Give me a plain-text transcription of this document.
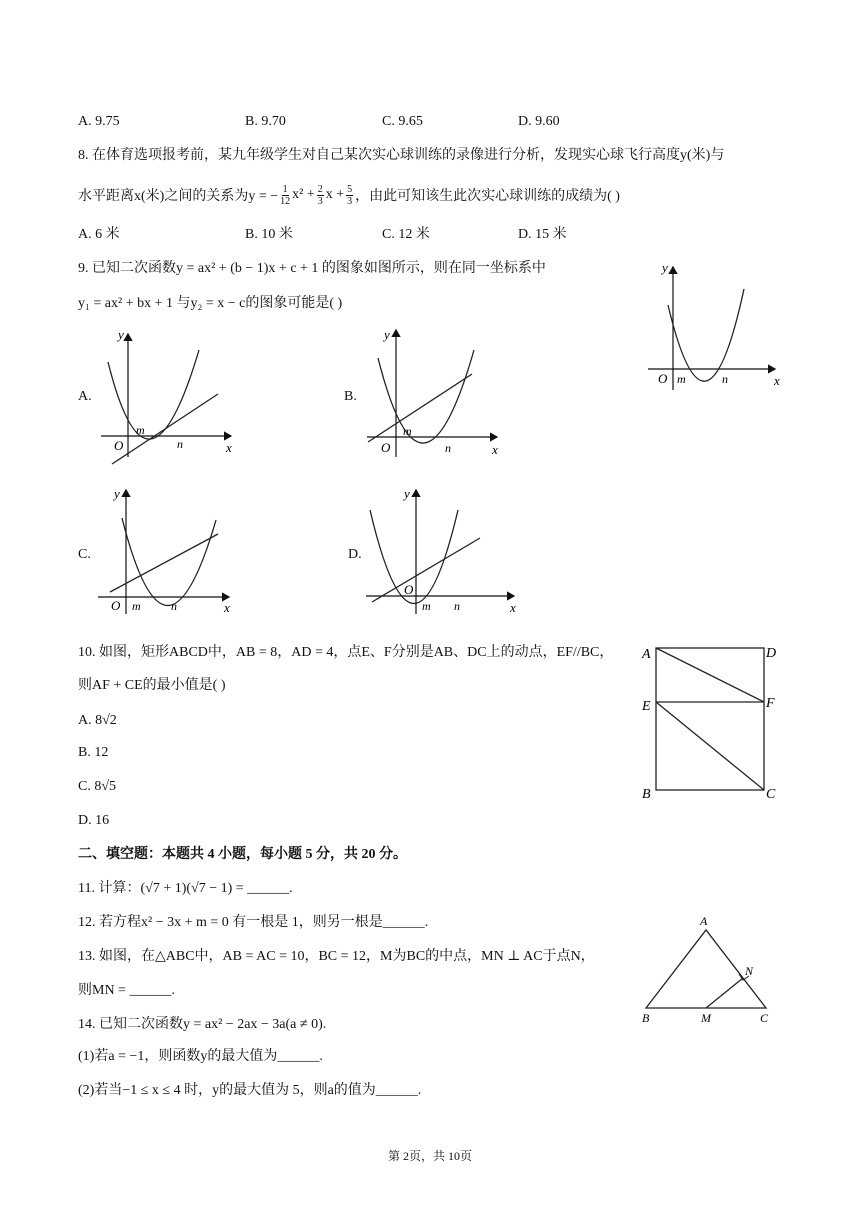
A. 9.75	B. 9.70	C. 9.65	D. 9.60
8. 在体育选项报考前，某九年级学生对自己某次实心球训练的录像进行分析，发现实心球飞行高度y(米)与
水平距离x(米)之间的关系为y = − $\frac{1}{12} x^2 + \frac{2}{3}$ $x + \frac{5}{3}$ ，由此可知该生此次实心球训练的成绩为( )
A. 6 米	B. 10 米	C. 12 米	D. 15 米
9. 已知二次函数y = ax² + (b − 1)x + c + 1 的图象如图所示，则在同一坐标系中
y₁ = ax² + bx + 1 与y₂ = x − c的图象可能是( )
y
x
O m	n
A.
y
x
O
m
n
B.
y
x
O
m
n
C.
y
x
O m	n
D.
y
x
O
m n
10. 如图，矩形ABCD中，AB = 8，AD = 4，点E、F分别是AB、DC上的动点，EF//BC，
则AF + CE的最小值是( )
A. 8√2
B. 12
C. 8√5
D. 16
A	D
E	F
B	C
二、填空题：本题共 4 小题，每小题 5 分，共 20 分。
11. 计算：(√7 + 1)(√7 − 1) = ______.
12. 若方程x² − 3x + m = 0 有一根是 1，则另一根是______.
13. 如图，在△ABC中，AB = AC = 10，BC = 12，M为BC的中点，MN ⊥ AC于点N，
则MN = ______.
A
B	M	C
N
14. 已知二次函数y = ax² − 2ax − 3a(a ≠ 0).
(1)若a = −1，则函数y的最大值为______.
(2)若当−1 ≤ x ≤ 4 时，y的最大值为 5，则a的值为______.
第 2页，共 10页
